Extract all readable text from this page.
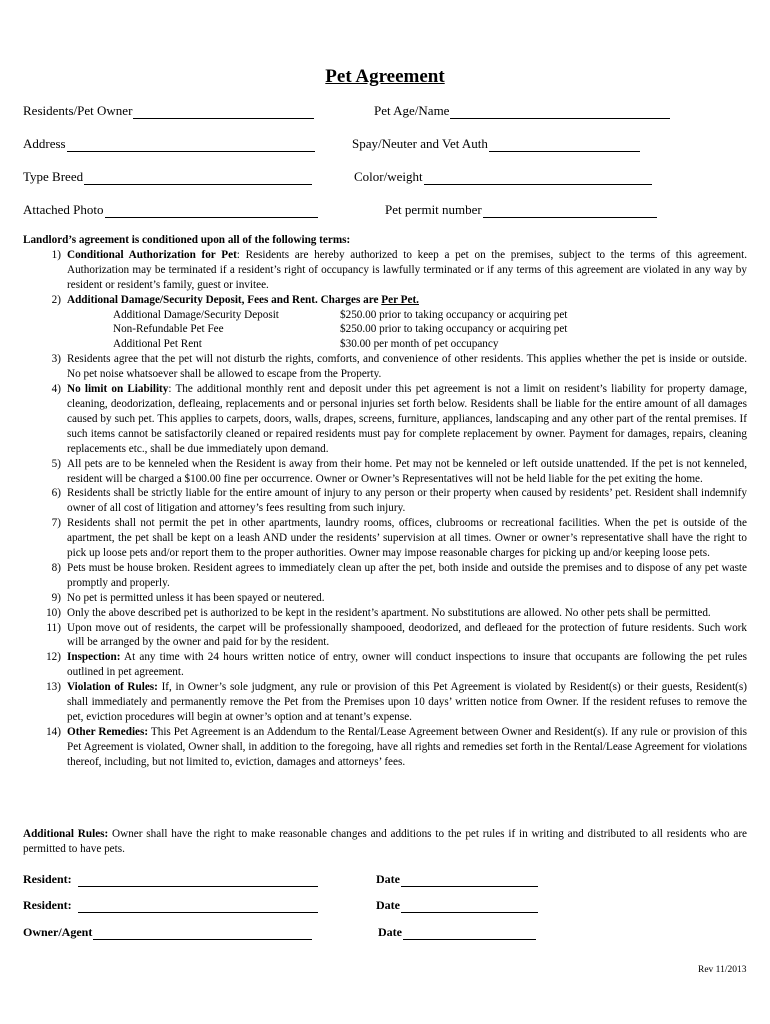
Pet Agreement
Residents/Pet Owner	Pet Age/Name
Address	Spay/Neuter and Vet Auth
Type Breed	Color/weight
Attached Photo	Pet permit number
Landlord’s agreement is conditioned upon all of the following terms:
1) Conditional Authorization for Pet: Residents are hereby authorized to keep a pet on the premises, subject to the terms of this agreement. Authorization may be terminated if a resident’s right of occupancy is lawfully terminated or if any terms of this agreement are violated in any way by resident or resident’s family, guest or invitee.
2) Additional Damage/Security Deposit, Fees and Rent. Charges are Per Pet.
Additional Damage/Security Deposit	$250.00 prior to taking occupancy or acquiring pet
Non-Refundable Pet Fee	$250.00 prior to taking occupancy or acquiring pet
Additional Pet Rent	$30.00 per month of pet occupancy
3) Residents agree that the pet will not disturb the rights, comforts, and convenience of other residents. This applies whether the pet is inside or outside. No pet noise whatsoever shall be allowed to escape from the Property.
4) No limit on Liability: The additional monthly rent and deposit under this pet agreement is not a limit on resident’s liability for property damage, cleaning, deodorization, defleaing, replacements and or personal injuries set forth below. Residents shall be liable for the entire amount of all damages caused by such pet. This applies to carpets, doors, walls, drapes, screens, furniture, appliances, landscaping and any other part of the rental premises. If such items cannot be satisfactorily cleaned or repaired residents must pay for complete replacement by owner. Payment for damages, repairs, cleaning replacements etc., shall be due immediately upon demand.
5) All pets are to be kenneled when the Resident is away from their home. Pet may not be kenneled or left outside unattended. If the pet is not kenneled, resident will be charged a $100.00 fine per occurrence. Owner or Owner’s Representatives will not be held liable for the pet exiting the home.
6) Residents shall be strictly liable for the entire amount of injury to any person or their property when caused by residents’ pet. Resident shall indemnify owner of all cost of litigation and attorney’s fees resulting from such injury.
7) Residents shall not permit the pet in other apartments, laundry rooms, offices, clubrooms or recreational facilities. When the pet is outside of the apartment, the pet shall be kept on a leash AND under the residents’ supervision at all times. Owner or owner’s representative shall have the right to pick up loose pets and/or report them to the proper authorities. Owner may impose reasonable charges for picking up and/or keeping loose pets.
8) Pets must be house broken. Resident agrees to immediately clean up after the pet, both inside and outside the premises and to dispose of any pet waste promptly and properly.
9) No pet is permitted unless it has been spayed or neutered.
10) Only the above described pet is authorized to be kept in the resident’s apartment. No substitutions are allowed. No other pets shall be permitted.
11) Upon move out of residents, the carpet will be professionally shampooed, deodorized, and defleaed for the protection of future residents. Such work will be arranged by the owner and paid for by the resident.
12) Inspection: At any time with 24 hours written notice of entry, owner will conduct inspections to insure that occupants are following the pet rules outlined in pet agreement.
13) Violation of Rules: If, in Owner’s sole judgment, any rule or provision of this Pet Agreement is violated by Resident(s) or their guests, Resident(s) shall immediately and permanently remove the Pet from the Premises upon 10 days’ written notice from Owner. If the resident refuses to remove the pet, eviction procedures will begin at owner’s option and at tenant’s expense.
14) Other Remedies: This Pet Agreement is an Addendum to the Rental/Lease Agreement between Owner and Resident(s). If any rule or provision of this Pet Agreement is violated, Owner shall, in addition to the foregoing, have all rights and remedies set forth in the Rental/Lease Agreement for violations thereof, including, but not limited to, eviction, damages and attorneys’ fees.
Additional Rules: Owner shall have the right to make reasonable changes and additions to the pet rules if in writing and distributed to all residents who are permitted to have pets.
Resident:	Date
Resident:	Date
Owner/Agent	Date
Rev 11/2013
